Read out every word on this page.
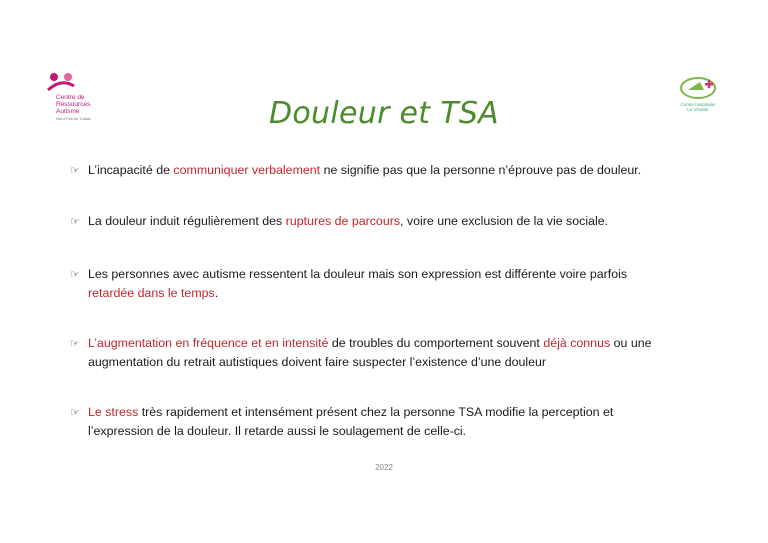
Centre de
Ressources
Autisme
Nord-Pas de Calais
Centre hospitalier
Le Vinatier
Douleur et TSA
☞ L’incapacité de communiquer verbalement ne signifie pas que la personne n’éprouve pas de douleur.
☞ La douleur induit régulièrement des ruptures de parcours, voire une exclusion de la vie sociale.
☞ Les personnes avec autisme ressentent la douleur mais son expression est différente voire parfois
retardée dans le temps.
☞ L’augmentation en fréquence et en intensité de troubles du comportement souvent déjà connus ou une
augmentation du retrait autistiques doivent faire suspecter l’existence d’une douleur
☞ Le stress très rapidement et intensément présent chez la personne TSA modifie la perception et
l’expression de la douleur. Il retarde aussi le soulagement de celle-ci.
2022
